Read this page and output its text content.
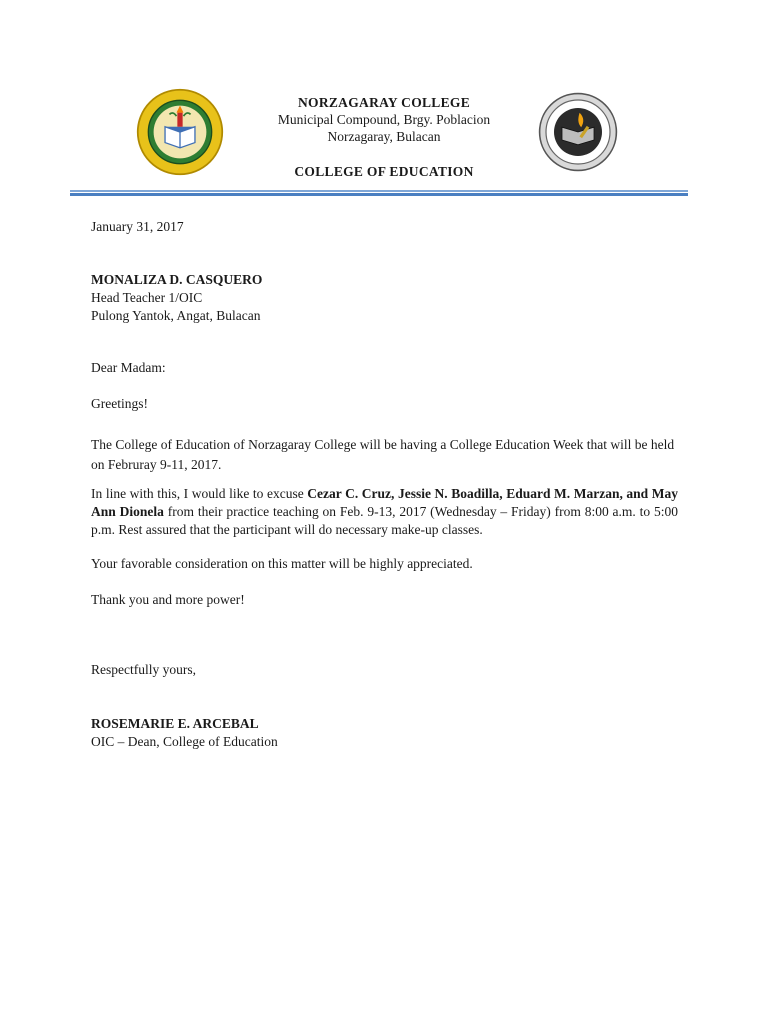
NORZAGARAY COLLEGE
Municipal Compound, Brgy. Poblacion
Norzagaray, Bulacan
COLLEGE OF EDUCATION

January 31, 2017

MONALIZA D. CASQUERO
Head Teacher 1/OIC
Pulong Yantok, Angat, Bulacan

Dear Madam:

Greetings!

The College of Education of Norzagaray College will be having a College Education Week that will be held on Februray 9-11, 2017.

In line with this, I would like to excuse Cezar C. Cruz, Jessie N. Boadilla, Eduard M. Marzan, and May Ann Dionela from their practice teaching on Feb. 9-13, 2017 (Wednesday – Friday) from 8:00 a.m. to 5:00 p.m. Rest assured that the participant will do necessary make-up classes.

Your favorable consideration on this matter will be highly appreciated.

Thank you and more power!

Respectfully yours,

ROSEMARIE E. ARCEBAL
OIC – Dean, College of Education
